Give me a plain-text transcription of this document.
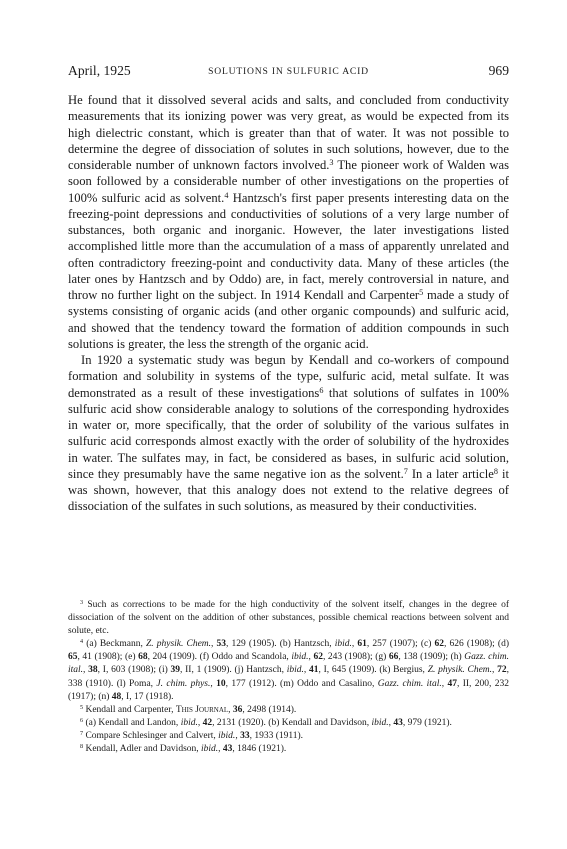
April, 1925	SOLUTIONS IN SULFURIC ACID	969

He found that it dissolved several acids and salts, and concluded from conductivity measurements that its ionizing power was very great, as would be expected from its high dielectric constant, which is greater than that of water. It was not possible to determine the degree of dissociation of solutes in such solutions, however, due to the considerable number of unknown factors involved.$^3$ The pioneer work of Walden was soon followed by a considerable number of other investigations on the properties of 100% sulfuric acid as solvent.$^4$ Hantzsch's first paper presents interesting data on the freezing-point depressions and conductivities of solutions of a very large number of substances, both organic and inorganic. However, the later investigations listed accomplished little more than the accumulation of a mass of apparently unrelated and often contradictory freezing-point and conductivity data. Many of these articles (the later ones by Hantzsch and by Oddo) are, in fact, merely controversial in nature, and throw no further light on the subject. In 1914 Kendall and Carpenter$^5$ made a study of systems consisting of organic acids (and other organic compounds) and sulfuric acid, and showed that the tendency toward the formation of addition compounds in such solutions is greater, the less the strength of the organic acid.

In 1920 a systematic study was begun by Kendall and co-workers of compound formation and solubility in systems of the type, sulfuric acid, metal sulfate. It was demonstrated as a result of these investigations$^6$ that solutions of sulfates in 100% sulfuric acid show considerable analogy to solutions of the corresponding hydroxides in water or, more specifically, that the order of solubility of the various sulfates in sulfuric acid corresponds almost exactly with the order of solubility of the hydroxides in water. The sulfates may, in fact, be considered as bases, in sulfuric acid solution, since they presumably have the same negative ion as the solvent.$^7$ In a later article$^8$ it was shown, however, that this analogy does not extend to the relative degrees of dissociation of the sulfates in such solutions, as measured by their conductivities.

$^3$ Such as corrections to be made for the high conductivity of the solvent itself, changes in the degree of dissociation of the solvent on the addition of other substances, possible chemical reactions between solvent and solute, etc.

$^4$ (a) Beckmann, Z. physik. Chem., 53, 129 (1905). (b) Hantzsch, ibid., 61, 257 (1907); (c) 62, 626 (1908); (d) 65, 41 (1908); (e) 68, 204 (1909). (f) Oddo and Scandola, ibid., 62, 243 (1908); (g) 66, 138 (1909); (h) Gazz. chim. ital., 38, I, 603 (1908); (i) 39, II, 1 (1909). (j) Hantzsch, ibid., 41, I, 645 (1909). (k) Bergius, Z. physik. Chem., 72, 338 (1910). (l) Poma, J. chim. phys., 10, 177 (1912). (m) Oddo and Casalino, Gazz. chim. ital., 47, II, 200, 232 (1917); (n) 48, I, 17 (1918).

$^5$ Kendall and Carpenter, This Journal, 36, 2498 (1914).

$^6$ (a) Kendall and Landon, ibid., 42, 2131 (1920). (b) Kendall and Davidson, ibid., 43, 979 (1921).

$^7$ Compare Schlesinger and Calvert, ibid., 33, 1933 (1911).

$^8$ Kendall, Adler and Davidson, ibid., 43, 1846 (1921).
